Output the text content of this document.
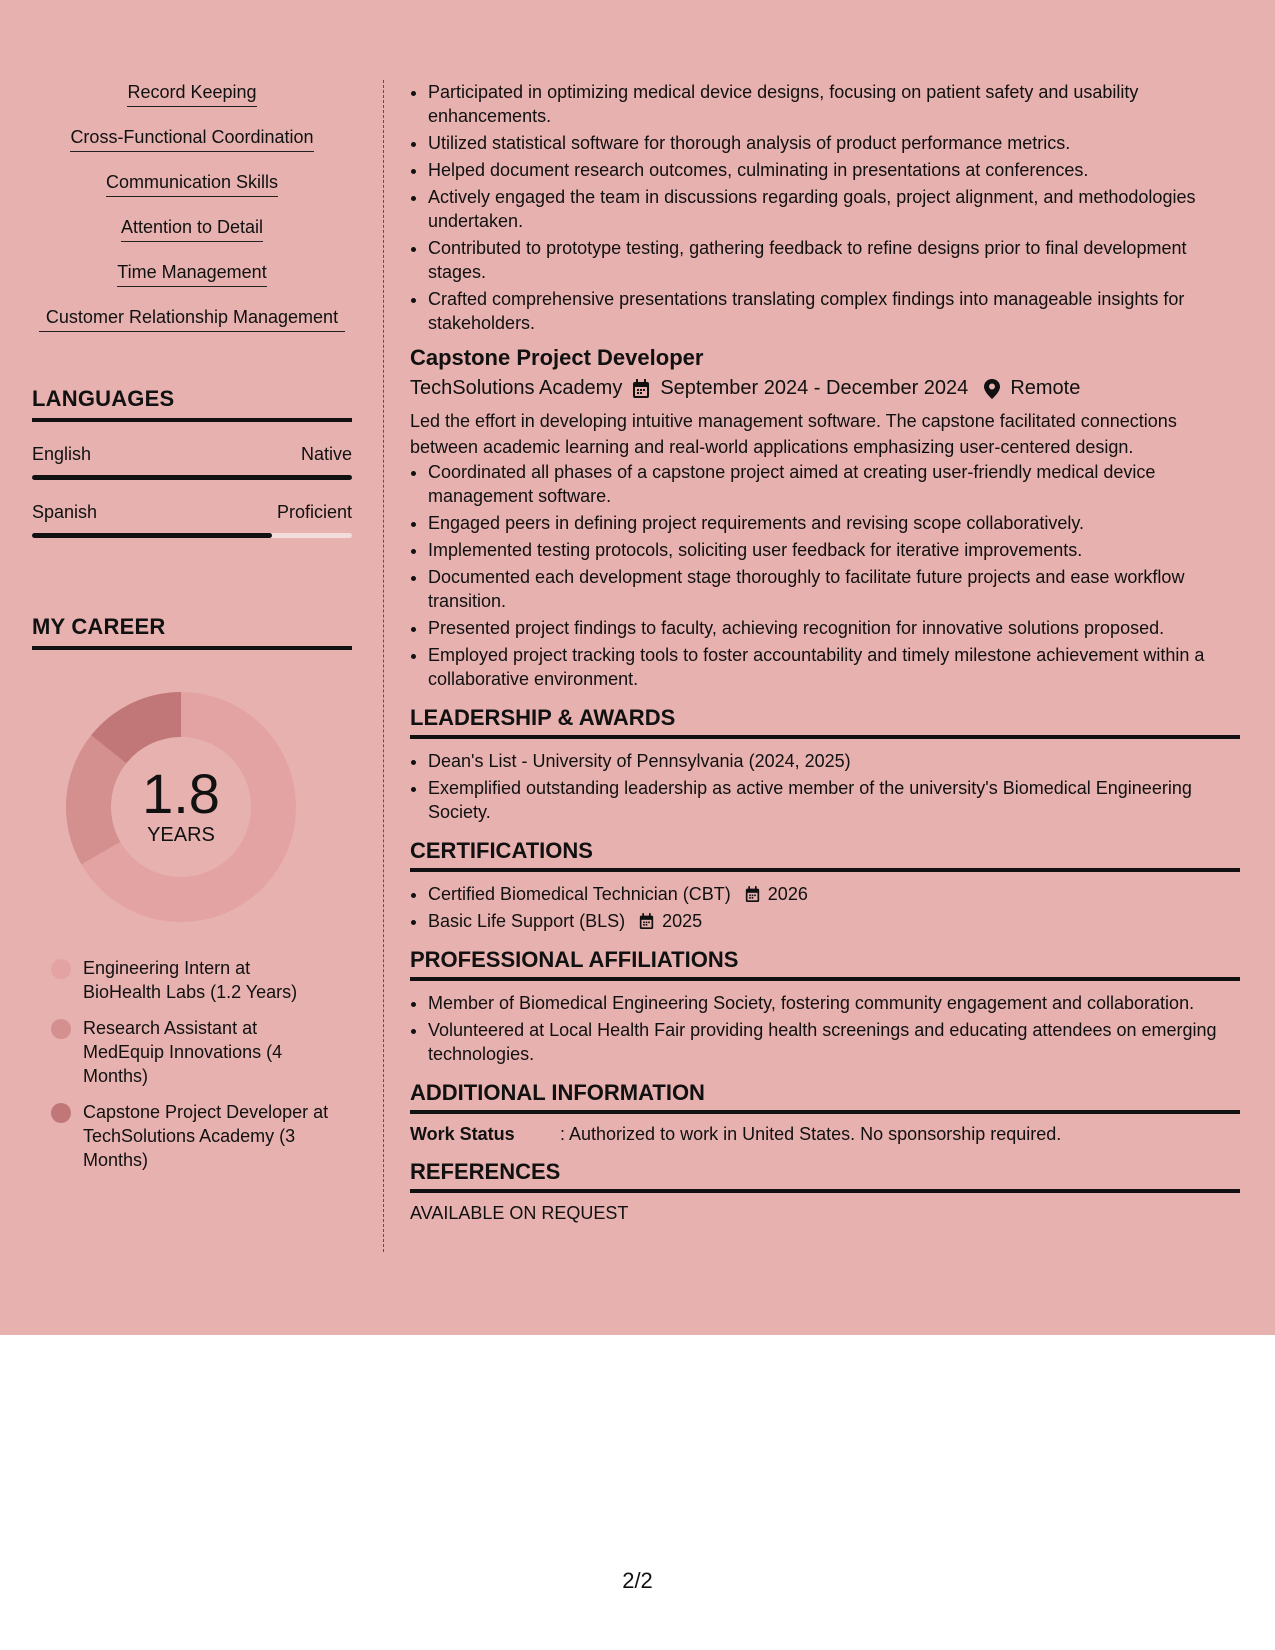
Record Keeping
Cross-Functional Coordination
Communication Skills
Attention to Detail
Time Management
Customer Relationship Management
LANGUAGES
English	Native
Spanish	Proficient
MY CAREER
1.8
YEARS
Engineering Intern at BioHealth Labs (1.2 Years)
Research Assistant at MedEquip Innovations (4 Months)
Capstone Project Developer at TechSolutions Academy (3 Months)
• Participated in optimizing medical device designs, focusing on patient safety and usability enhancements.
• Utilized statistical software for thorough analysis of product performance metrics.
• Helped document research outcomes, culminating in presentations at conferences.
• Actively engaged the team in discussions regarding goals, project alignment, and methodologies undertaken.
• Contributed to prototype testing, gathering feedback to refine designs prior to final development stages.
• Crafted comprehensive presentations translating complex findings into manageable insights for stakeholders.
Capstone Project Developer
TechSolutions Academy September 2024 - December 2024 Remote
Led the effort in developing intuitive management software. The capstone facilitated connections between academic learning and real-world applications emphasizing user-centered design.
• Coordinated all phases of a capstone project aimed at creating user-friendly medical device management software.
• Engaged peers in defining project requirements and revising scope collaboratively.
• Implemented testing protocols, soliciting user feedback for iterative improvements.
• Documented each development stage thoroughly to facilitate future projects and ease workflow transition.
• Presented project findings to faculty, achieving recognition for innovative solutions proposed.
• Employed project tracking tools to foster accountability and timely milestone achievement within a collaborative environment.
LEADERSHIP & AWARDS
• Dean's List - University of Pennsylvania (2024, 2025)
• Exemplified outstanding leadership as active member of the university's Biomedical Engineering Society.
CERTIFICATIONS
• Certified Biomedical Technician (CBT) 2026
• Basic Life Support (BLS) 2025
PROFESSIONAL AFFILIATIONS
• Member of Biomedical Engineering Society, fostering community engagement and collaboration.
• Volunteered at Local Health Fair providing health screenings and educating attendees on emerging technologies.
ADDITIONAL INFORMATION
Work Status	: Authorized to work in United States. No sponsorship required.
REFERENCES
AVAILABLE ON REQUEST
2/2
